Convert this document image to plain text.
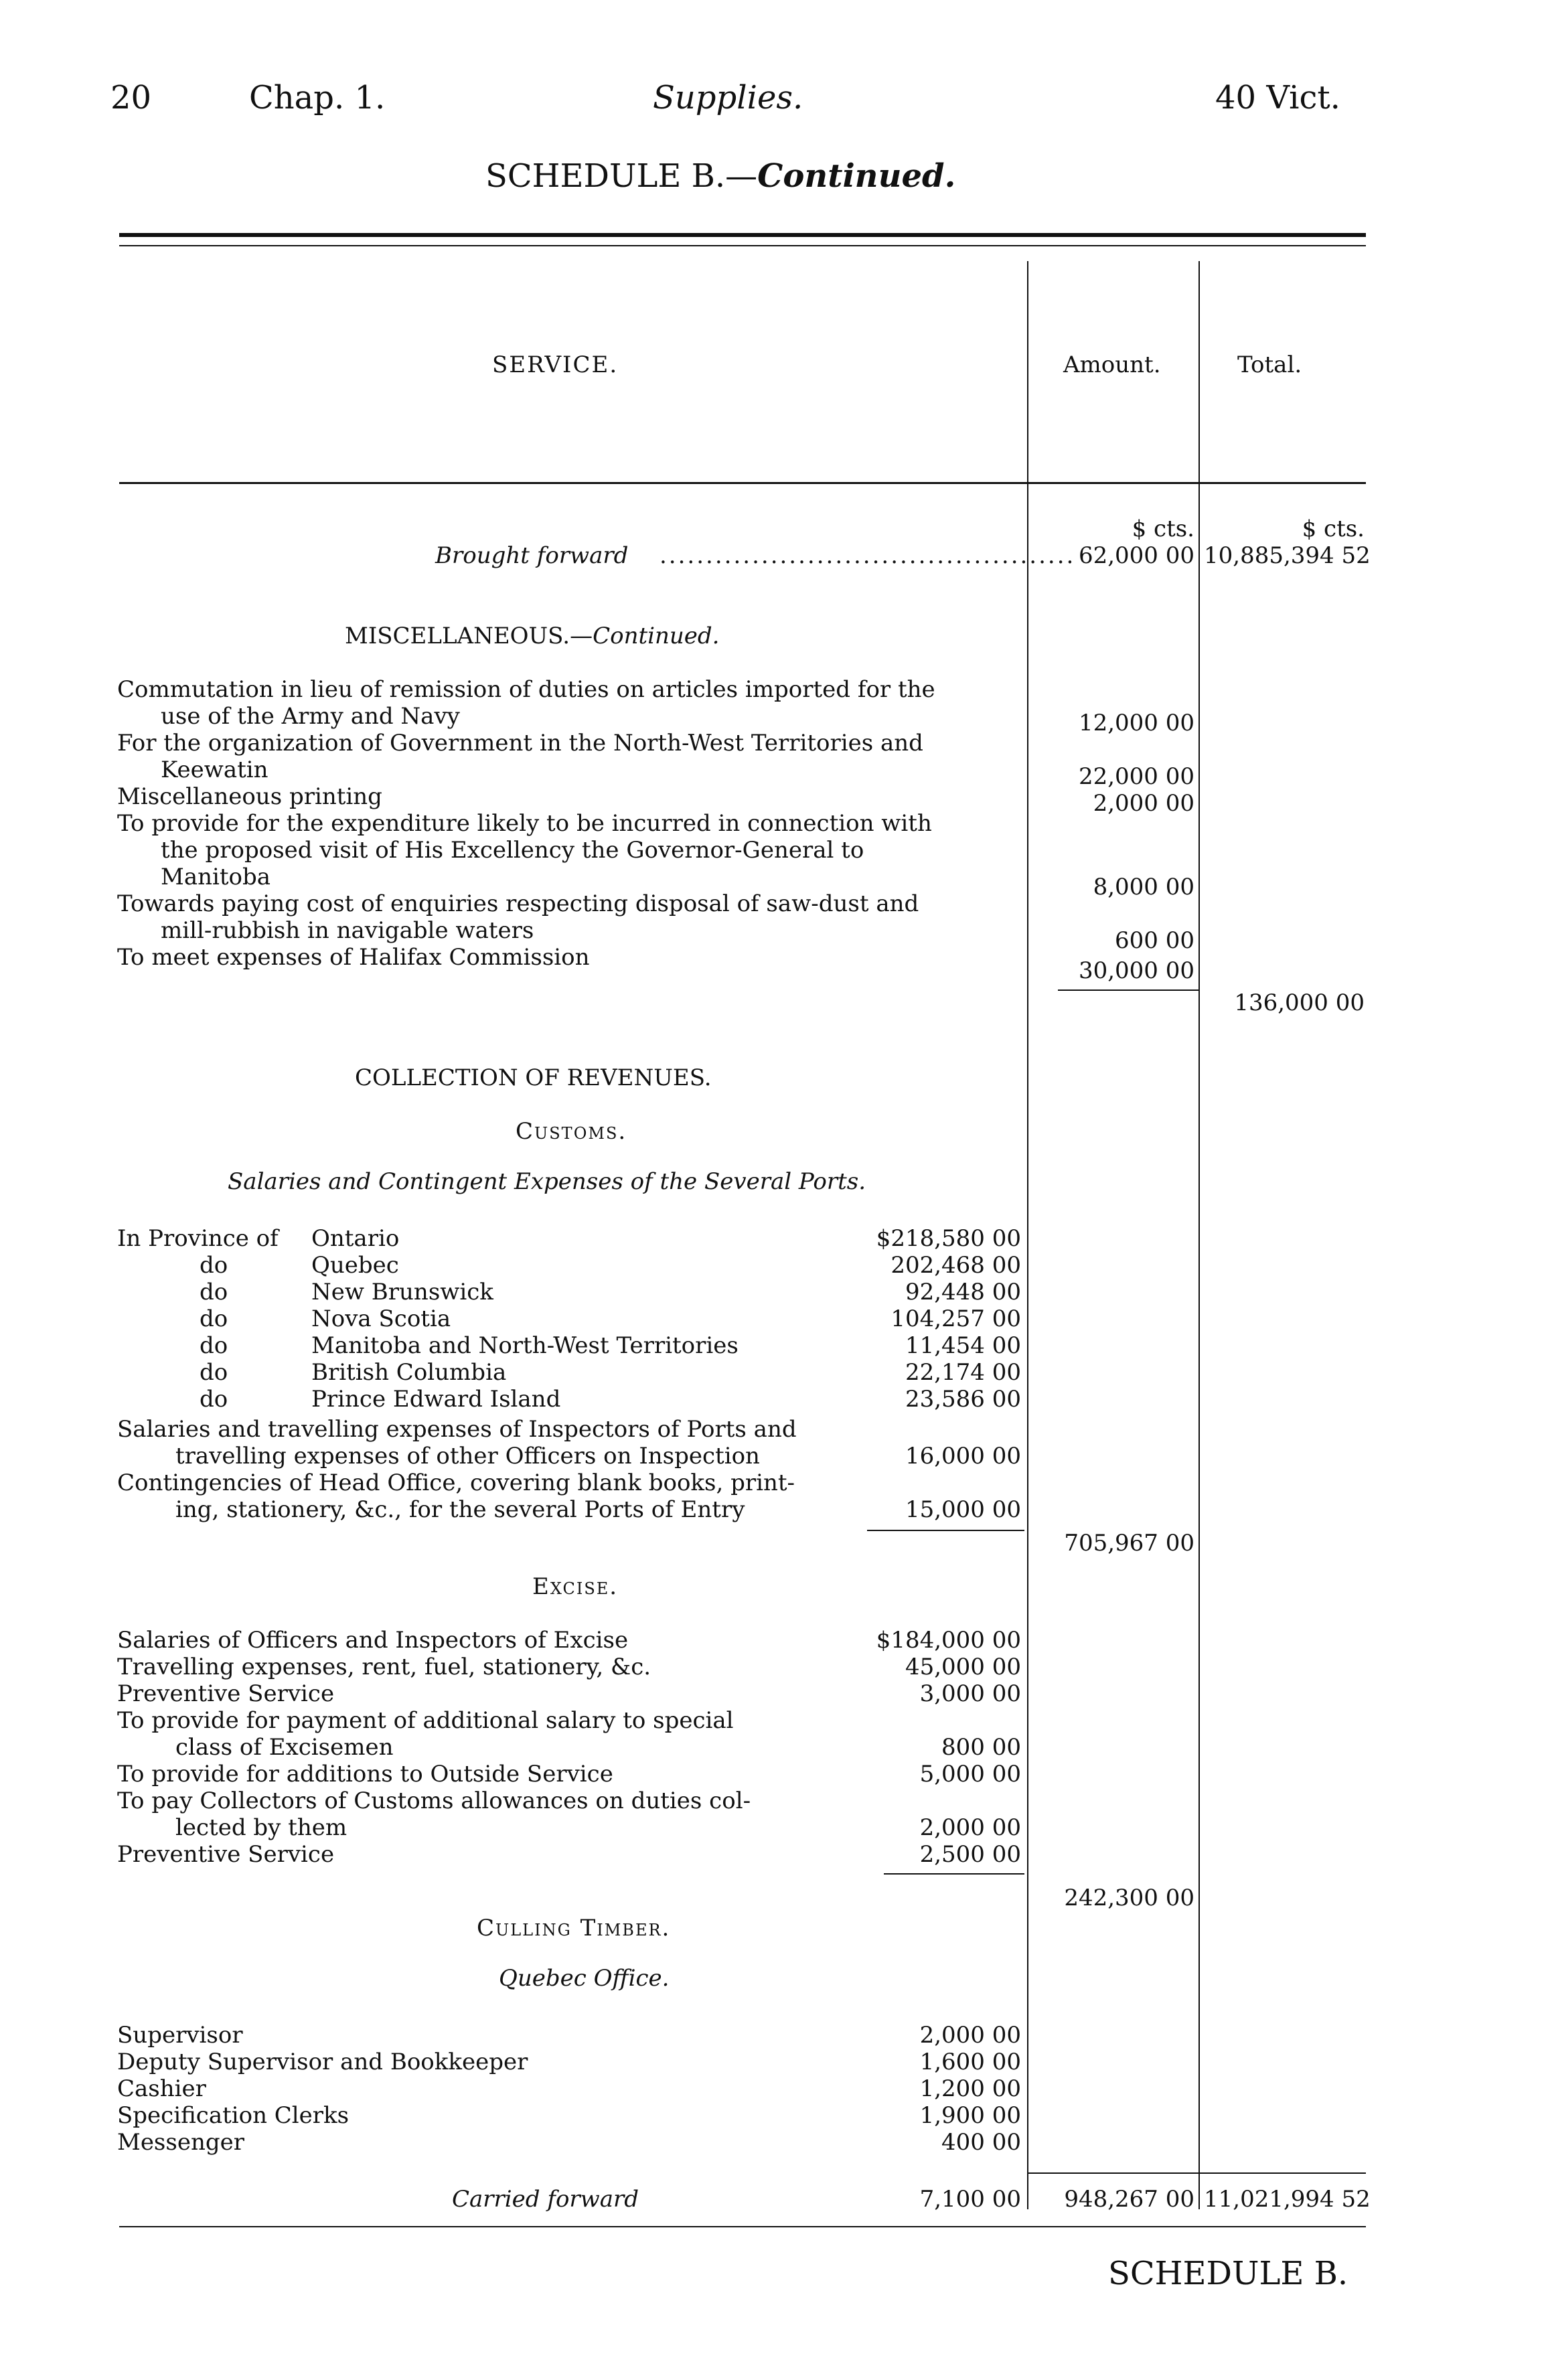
20	Chap. 1.	Supplies.	40 Vict.
SCHEDULE B.—Continued.
SERVICE.	Amount.	Total.
$ cts.	$ cts.
Brought forward ............................................. 62,000 00 10,885,394 52
MISCELLANEOUS.—Continued.
Commutation in lieu of remission of duties on articles imported for the
use of the Army and Navy	12,000 00
For the organization of Government in the North-West Territories and
Keewatin	22,000 00
Miscellaneous printing	2,000 00
To provide for the expenditure likely to be incurred in connection with
the proposed visit of His Excellency the Governor-General to
Manitoba	8,000 00
Towards paying cost of enquiries respecting disposal of saw-dust and
mill-rubbish in navigable waters	600 00
To meet expenses of Halifax Commission	30,000 00
136,000 00
COLLECTION OF REVENUES.
Customs.
Salaries and Contingent Expenses of the Several Ports.
In Province of Ontario	$218,580 00
do	Quebec	202,468 00
do	New Brunswick	92,448 00
do	Nova Scotia	104,257 00
do	Manitoba and North-West Territories	11,454 00
do	British Columbia	22,174 00
do	Prince Edward Island	23,586 00
Salaries and travelling expenses of Inspectors of Ports and
travelling expenses of other Officers on Inspection	16,000 00
Contingencies of Head Office, covering blank books, print-
ing, stationery, &c., for the several Ports of Entry	15,000 00
705,967 00
Excise.
Salaries of Officers and Inspectors of Excise	$184,000 00
Travelling expenses, rent, fuel, stationery, &c.	45,000 00
Preventive Service	3,000 00
To provide for payment of additional salary to special
class of Excisemen	800 00
To provide for additions to Outside Service	5,000 00
To pay Collectors of Customs allowances on duties col-
lected by them	2,000 00
Preventive Service	2,500 00
242,300 00
Culling Timber.
Quebec Office.
Supervisor	2,000 00
Deputy Supervisor and Bookkeeper	1,600 00
Cashier	1,200 00
Specification Clerks	1,900 00
Messenger	400 00
Carried forward	7,100 00	948,267 00 11,021,994 52
SCHEDULE B.
